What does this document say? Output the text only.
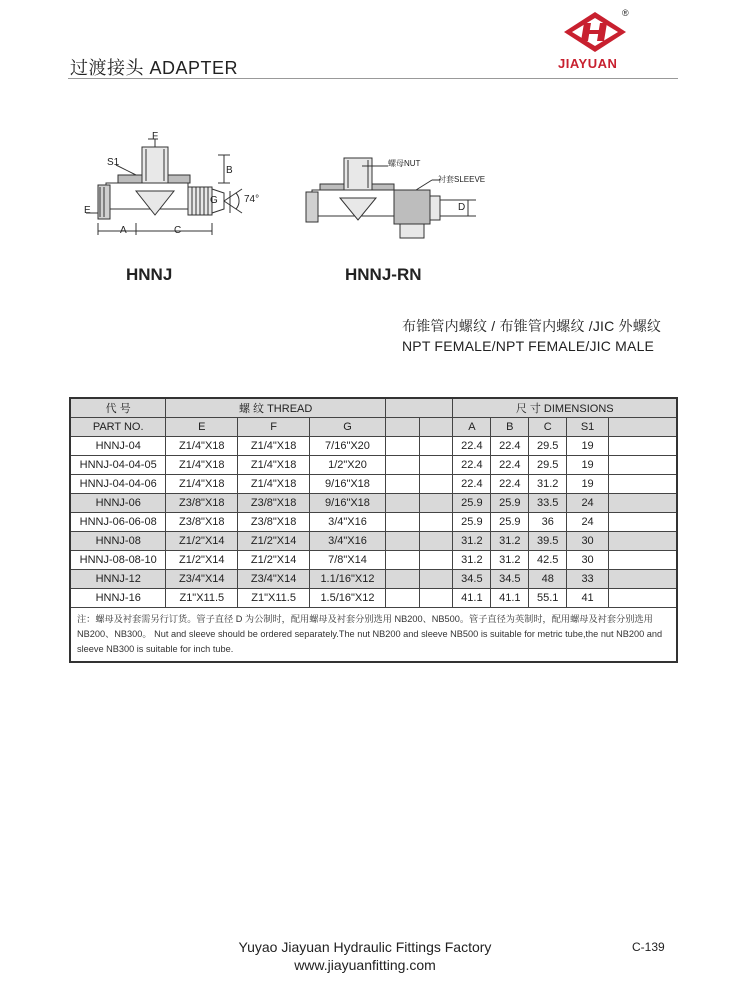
过渡接头 ADAPTER
®
JIAYUAN
F
S1
B
G
E
A	C
74°
HNNJ
螺母NUT
衬套SLEEVE
D
HNNJ-RN
布锥管内螺纹 / 布锥管内螺纹 /JIC 外螺纹
NPT FEMALE/NPT FEMALE/JIC MALE
代 号	螺 纹 THREAD					尺 寸 DIMENSIONS				
PART NO.	E	F	G			A	B	C	S1	
HNNJ-04	Z1/4"X18	Z1/4"X18	7/16"X20			22.4	22.4	29.5	19	
HNNJ-04-04-05	Z1/4"X18	Z1/4"X18	1/2"X20			22.4	22.4	29.5	19	
HNNJ-04-04-06	Z1/4"X18	Z1/4"X18	9/16"X18			22.4	22.4	31.2	19	
HNNJ-06	Z3/8"X18	Z3/8"X18	9/16"X18			25.9	25.9	33.5	24	
HNNJ-06-06-08	Z3/8"X18	Z3/8"X18	3/4"X16			25.9	25.9	36	24	
HNNJ-08	Z1/2"X14	Z1/2"X14	3/4"X16			31.2	31.2	39.5	30	
HNNJ-08-08-10	Z1/2"X14	Z1/2"X14	7/8"X14			31.2	31.2	42.5	30	
HNNJ-12	Z3/4"X14	Z3/4"X14	1.1/16"X12			34.5	34.5	48	33	
HNNJ-16	Z1"X11.5	Z1"X11.5	1.5/16"X12			41.1	41.1	55.1	41	
注：螺母及衬套需另行订货。管子直径 D 为公制时，配用螺母及衬套分别选用 NB200、NB500。管子直径为英制时，配用螺母及衬套分别选用 NB200、NB300。 Nut and sleeve should be ordered separately.The nut NB200 and sleeve NB500 is suitable for metric tube,the nut NB200 and sleeve NB300 is suitable for inch tube.										
Yuyao Jiayuan Hydraulic Fittings Factory
www.jiayuanfitting.com
C-139
